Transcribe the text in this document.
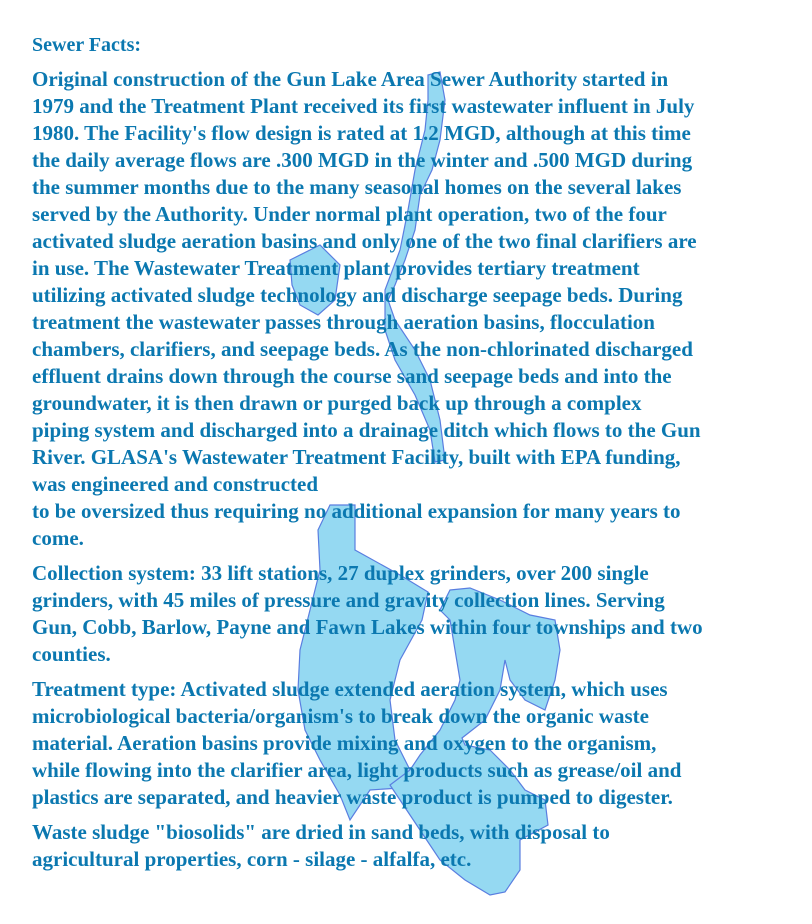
Sewer Facts:
Original construction of the Gun Lake Area Sewer Authority started in
1979 and the Treatment Plant received its first wastewater influent in July
1980. The Facility's flow design is rated at 1.2 MGD, although at this time
the daily average flows are .300 MGD in the winter and .500 MGD during
the summer months due to the many seasonal homes on the several lakes
served by the Authority. Under normal plant operation, two of the four
activated sludge aeration basins and only one of the two final clarifiers are
in use. The Wastewater Treatment plant provides tertiary treatment
utilizing activated sludge technology and discharge seepage beds. During
treatment the wastewater passes through aeration basins, flocculation
chambers, clarifiers, and seepage beds. As the non-chlorinated discharged
effluent drains down through the course sand seepage beds and into the
groundwater, it is then drawn or purged back up through a complex
piping system and discharged into a drainage ditch which flows to the Gun
River. GLASA's Wastewater Treatment Facility, built with EPA funding,
was engineered and constructed
to be oversized thus requiring no additional expansion for many years to
come.
Collection system: 33 lift stations, 27 duplex grinders, over 200 single
grinders, with 45 miles of pressure and gravity collection lines. Serving
Gun, Cobb, Barlow, Payne and Fawn Lakes within four townships and two
counties.
Treatment type: Activated sludge extended aeration system, which uses
microbiological bacteria/organism's to break down the organic waste
material. Aeration basins provide mixing and oxygen to the organism,
while flowing into the clarifier area, light products such as grease/oil and
plastics are separated, and heavier waste product is pumped to digester.
Waste sludge "biosolids" are dried in sand beds, with disposal to
agricultural properties, corn - silage - alfalfa, etc.
